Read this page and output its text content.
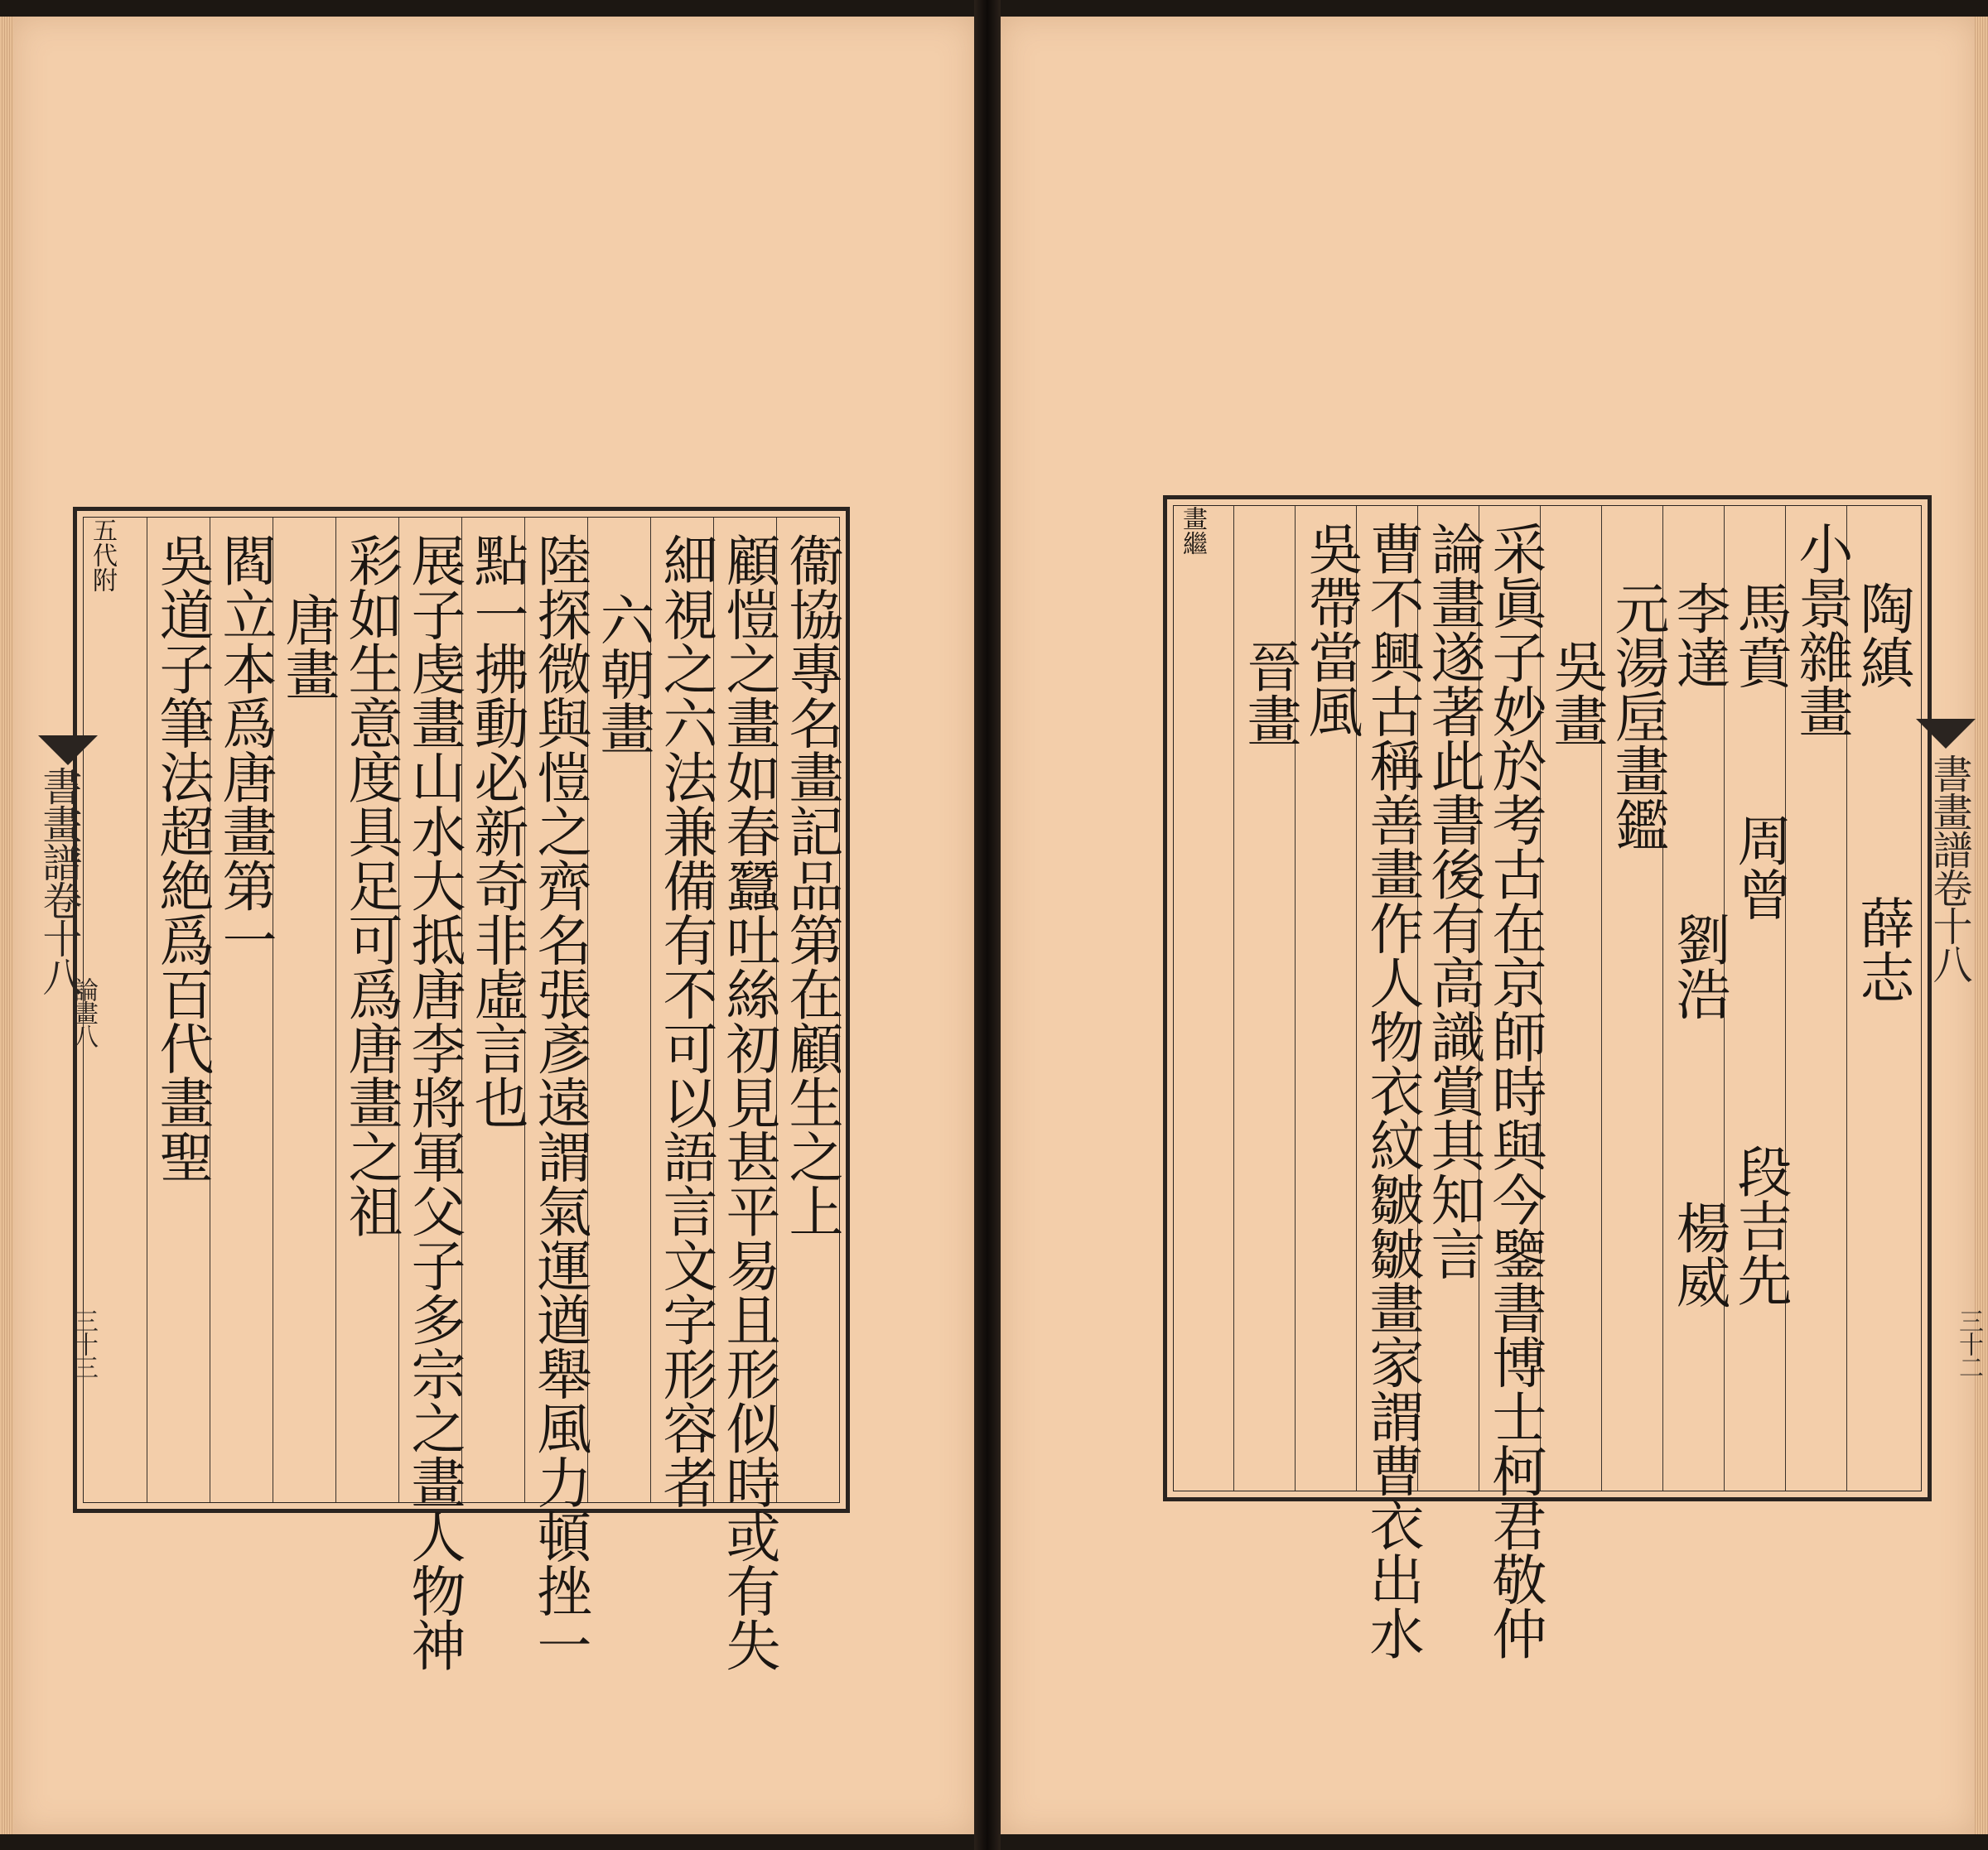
書畫譜卷十八
論畫八
三十三
衞協專名畫記品第在顧生之上
顧愷之畫如春蠶吐絲初見甚平易且形似時或有失
細視之六法兼備有不可以語言文字形容者
六朝畫
陸探微與愷之齊名張彥遠謂氣運遒舉風力頓挫一
點一拂動必新奇非虛言也
展子虔畫山水大抵唐李將軍父子多宗之畫人物神
彩如生意度具足可爲唐畫之祖
唐畫
五代附 閻立本爲唐畫第一
吳道子筆法超絶爲百代畫聖	書畫譜卷十八
三十二
陶縝
薛志
小景雜畫
馬賁
周曾
段吉先
李達
劉浩
楊威
畫繼
元湯垕畫鑑
吳畫
采眞子妙於考古在京師時與今鑒書博士柯君敬仲
論畫遂著此書後有高識賞其知言
曹不興古稱善畫作人物衣紋皺皺畫家謂曹衣出水
吳帶當風
晉畫
